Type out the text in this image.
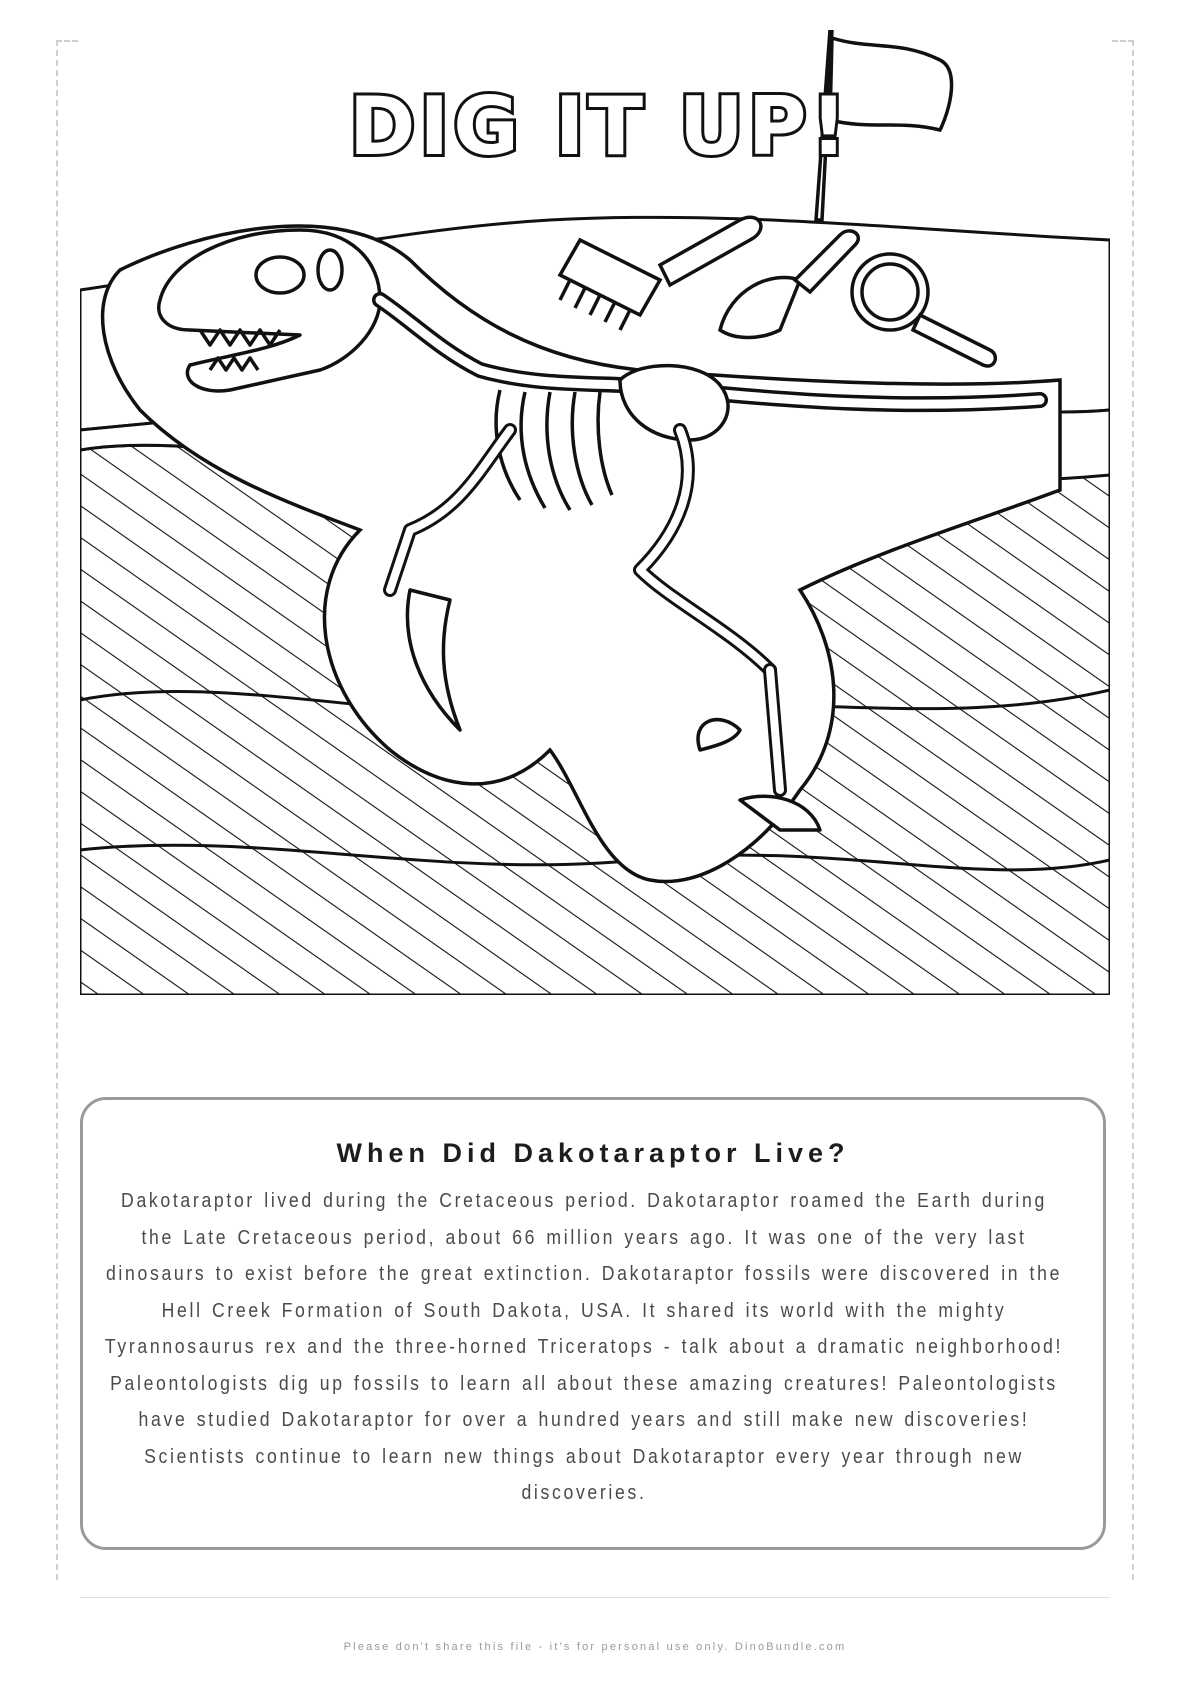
DIG IT UP!
When Did Dakotaraptor Live?

Dakotaraptor lived during the Cretaceous period. Dakotaraptor roamed the Earth during the Late Cretaceous period, about 66 million years ago. It was one of the very last dinosaurs to exist before the great extinction. Dakotaraptor fossils were discovered in the Hell Creek Formation of South Dakota, USA. It shared its world with the mighty Tyrannosaurus rex and the three-horned Triceratops - talk about a dramatic neighborhood! Paleontologists dig up fossils to learn all about these amazing creatures! Paleontologists have studied Dakotaraptor for over a hundred years and still make new discoveries! Scientists continue to learn new things about Dakotaraptor every year through new discoveries.

Please don't share this file - it's for personal use only. DinoBundle.com
